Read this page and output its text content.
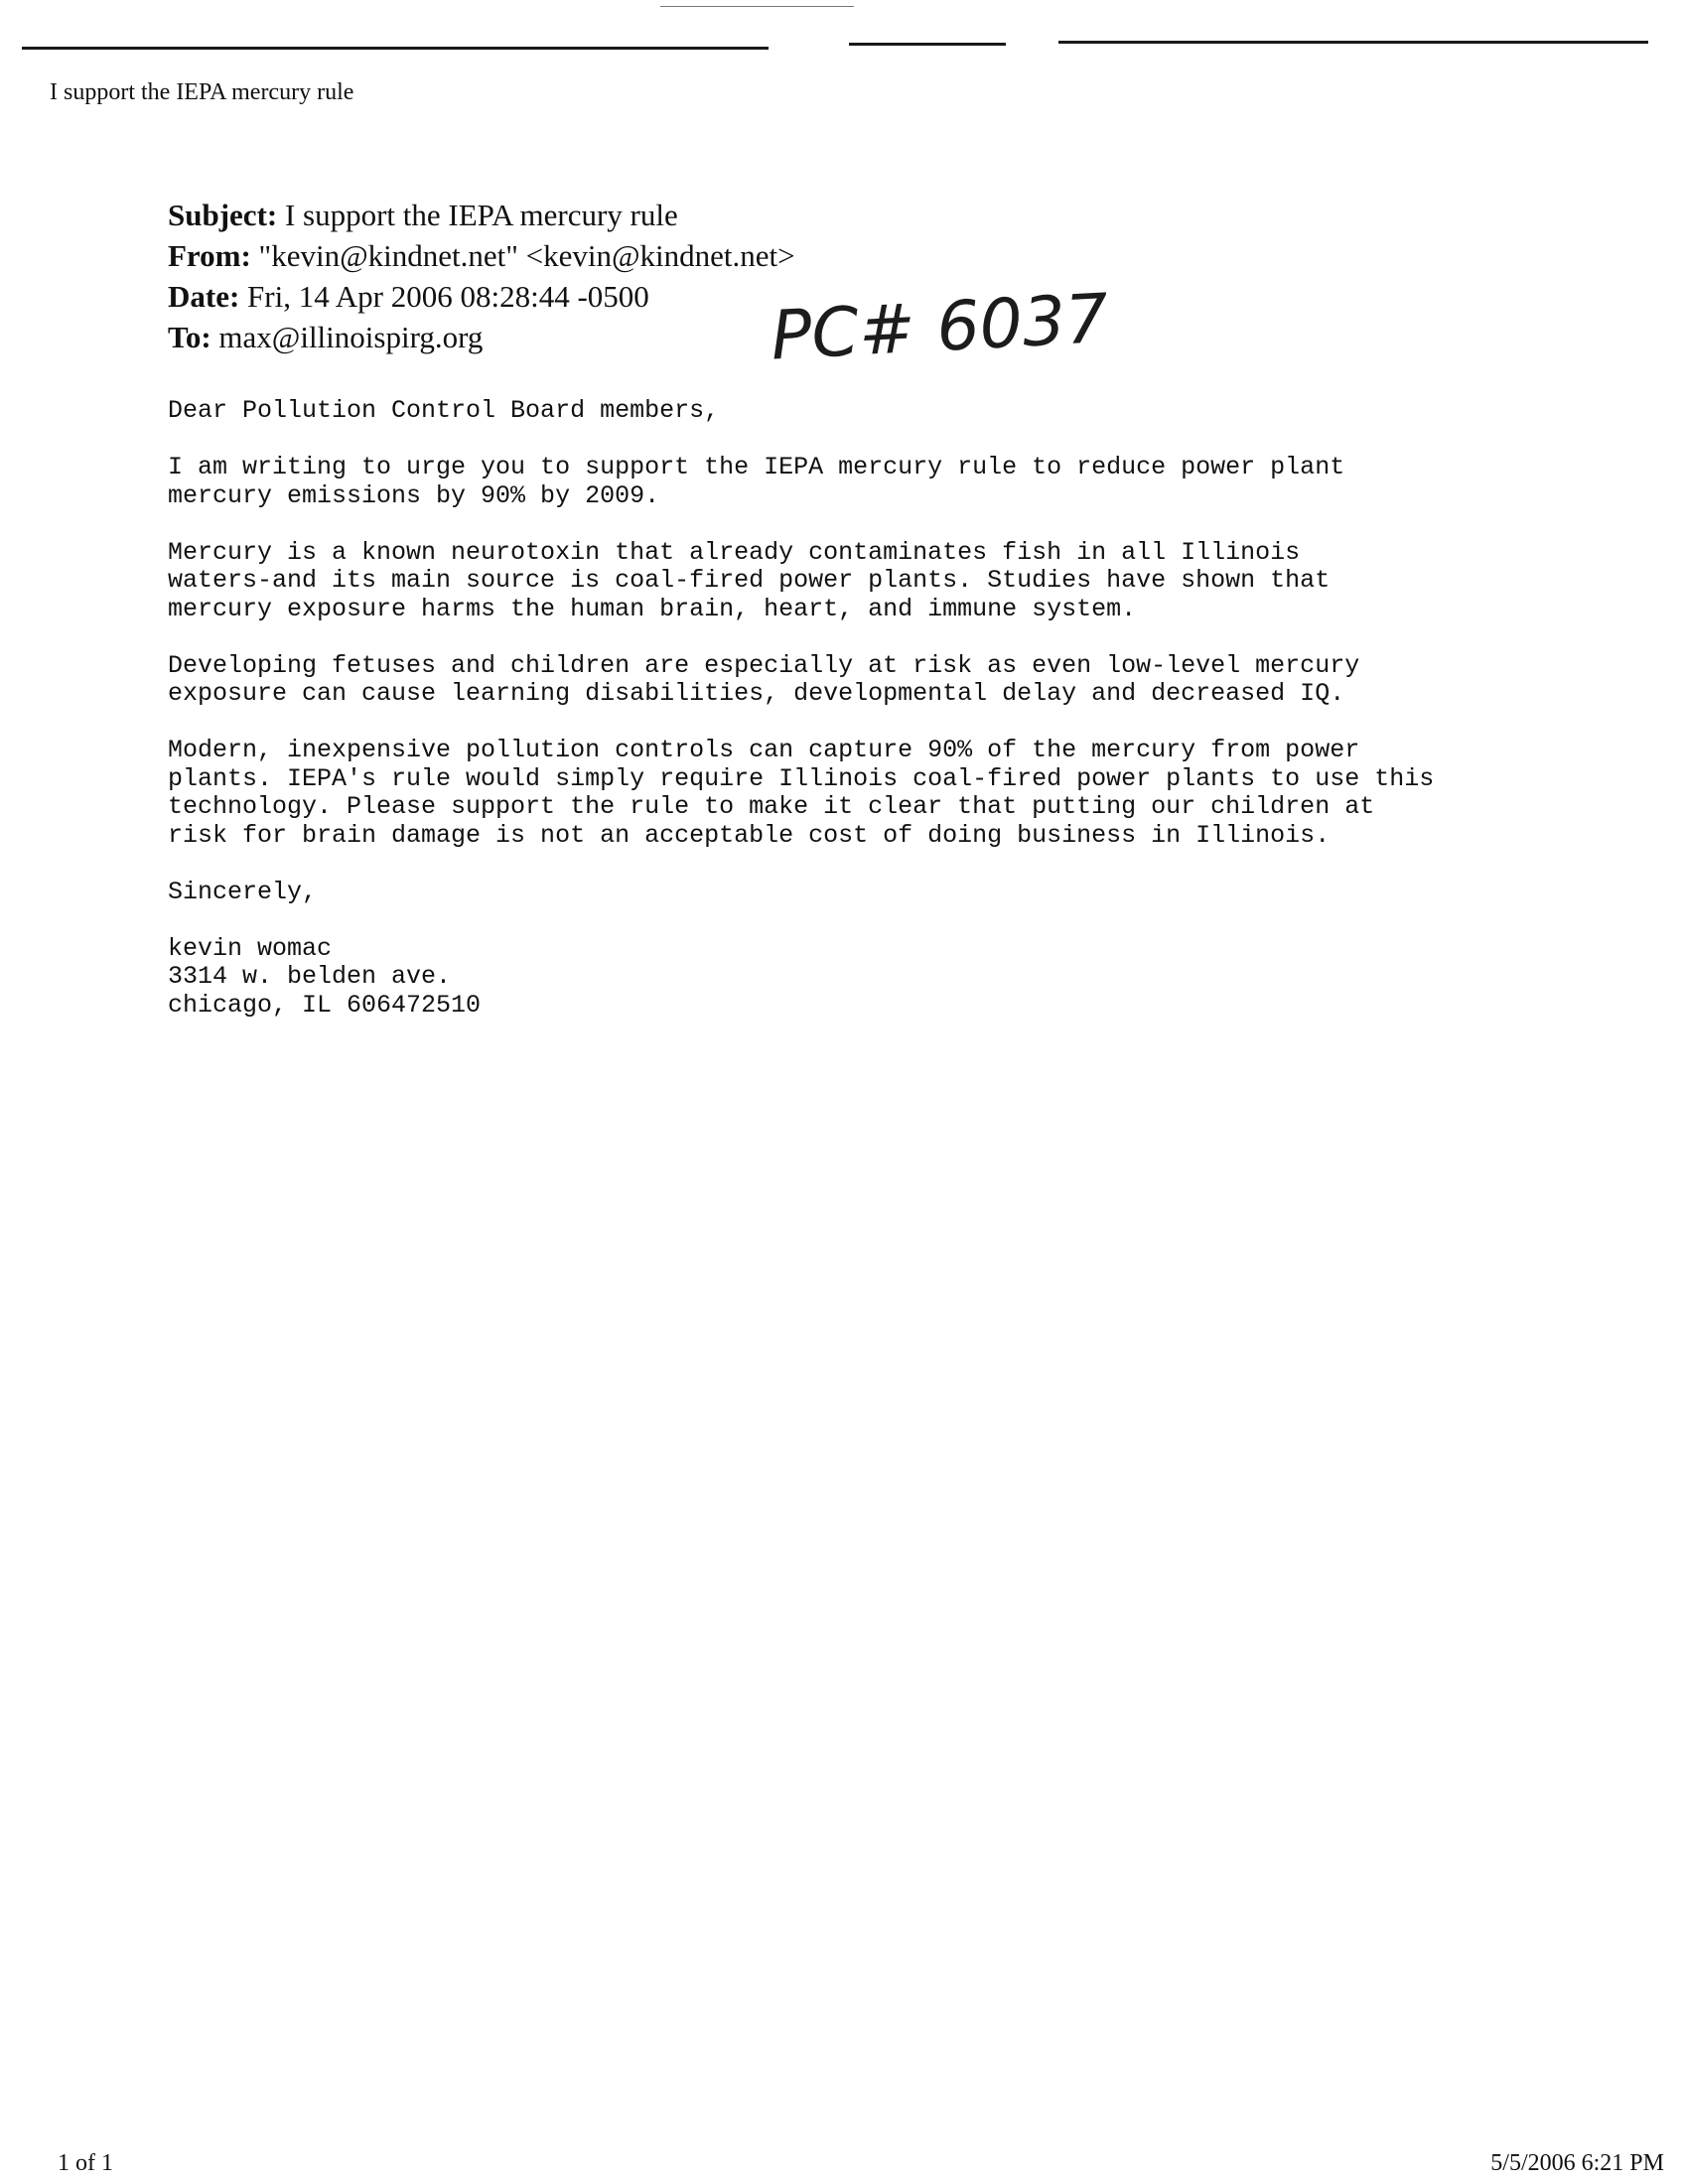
I support the IEPA mercury rule
Subject: I support the IEPA mercury rule
From: "kevin@kindnet.net" <kevin@kindnet.net>
Date: Fri, 14 Apr 2006 08:28:44 -0500
To: max@illinoispirg.org	PC# 6037

Dear Pollution Control Board members,

I am writing to urge you to support the IEPA mercury rule to reduce power plant
mercury emissions by 90% by 2009.

Mercury is a known neurotoxin that already contaminates fish in all Illinois
waters-and its main source is coal-fired power plants. Studies have shown that
mercury exposure harms the human brain, heart, and immune system.

Developing fetuses and children are especially at risk as even low-level mercury
exposure can cause learning disabilities, developmental delay and decreased IQ.

Modern, inexpensive pollution controls can capture 90% of the mercury from power
plants. IEPA's rule would simply require Illinois coal-fired power plants to use this
technology. Please support the rule to make it clear that putting our children at
risk for brain damage is not an acceptable cost of doing business in Illinois.

Sincerely,

kevin womac

3314 w. belden ave.

chicago, IL 606472510

1 of 1	5/5/2006 6:21 PM
